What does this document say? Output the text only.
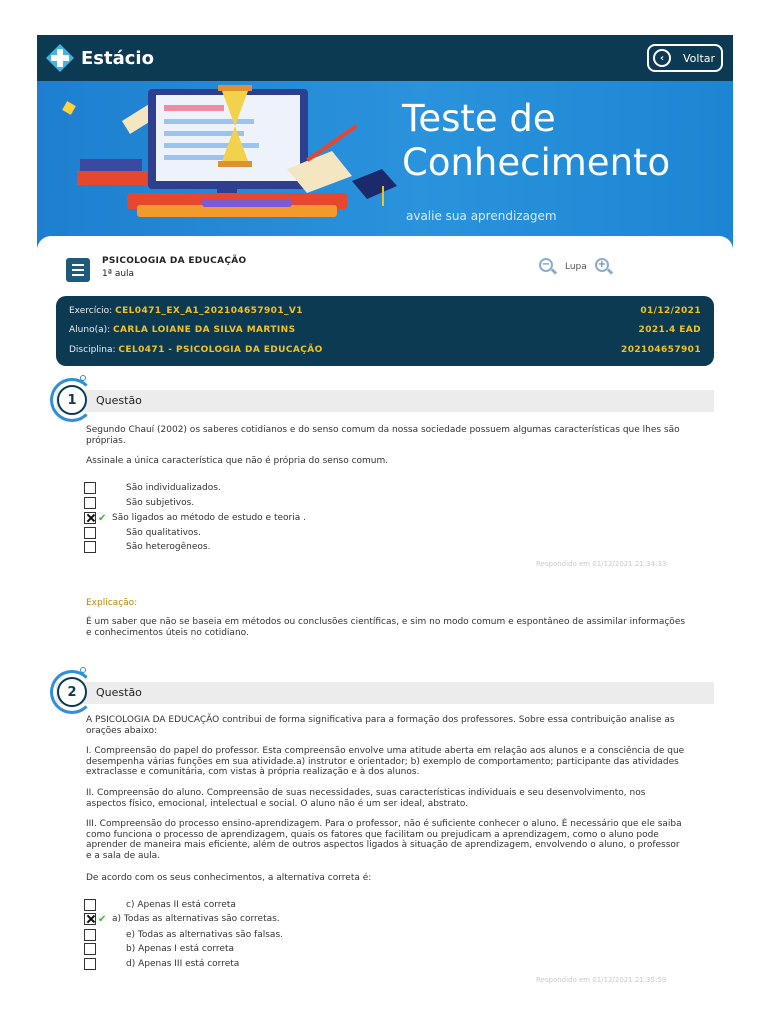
Estácio	‹	Voltar
Teste de
Conhecimento
avalie sua aprendizagem
PSICOLOGIA DA EDUCAÇÃO
1ª aula
−	Lupa +
Exercício: CEL0471_EX_A1_202104657901_V1	01/12/2021
Aluno(a): CARLA LOIANE DA SILVA MARTINS	2021.4 EAD
Disciplina: CEL0471 - PSICOLOGIA DA EDUCAÇÃO	202104657901
1	Questão
Segundo Chauí (2002) os saberes cotidianos e do senso comum da nossa sociedade possuem algumas características que lhes são próprias.
Assinale a única característica que não é própria do senso comum.
São individualizados.
São subjetivos.
✔ São ligados ao método de estudo e teoria .
São qualitativos.
São heterogêneos.
Respondido em 01/12/2021 21:34:33
Explicação:
É um saber que não se baseia em métodos ou conclusões científicas, e sim no modo comum e espontâneo de assimilar informações e conhecimentos úteis no cotidiano.
2	Questão
A PSICOLOGIA DA EDUCAÇÃO contribui de forma significativa para a formação dos professores. Sobre essa contribuição analise as orações abaixo:
I. Compreensão do papel do professor. Esta compreensão envolve uma atitude aberta em relação aos alunos e a consciência de que desempenha várias funções em sua atividade.a) instrutor e orientador; b) exemplo de comportamento; participante das atividades extraclasse e comunitária, com vistas à própria realização e à dos alunos.
II. Compreensão do aluno. Compreensão de suas necessidades, suas características individuais e seu desenvolvimento, nos aspectos físico, emocional, intelectual e social. O aluno não é um ser ideal, abstrato.
III. Compreensão do processo ensino-aprendizagem. Para o professor, não é suficiente conhecer o aluno. É necessário que ele saiba como funciona o processo de aprendizagem, quais os fatores que facilitam ou prejudicam a aprendizagem, como o aluno pode aprender de maneira mais eficiente, além de outros aspectos ligados à situação de aprendizagem, envolvendo o aluno, o professor e a sala de aula.
De acordo com os seus conhecimentos, a alternativa correta é:
c) Apenas II está correta
✔ a) Todas as alternativas são corretas.
e) Todas as alternativas são falsas.
b) Apenas I está correta
d) Apenas III está correta
Respondido em 01/12/2021 21:35:59
